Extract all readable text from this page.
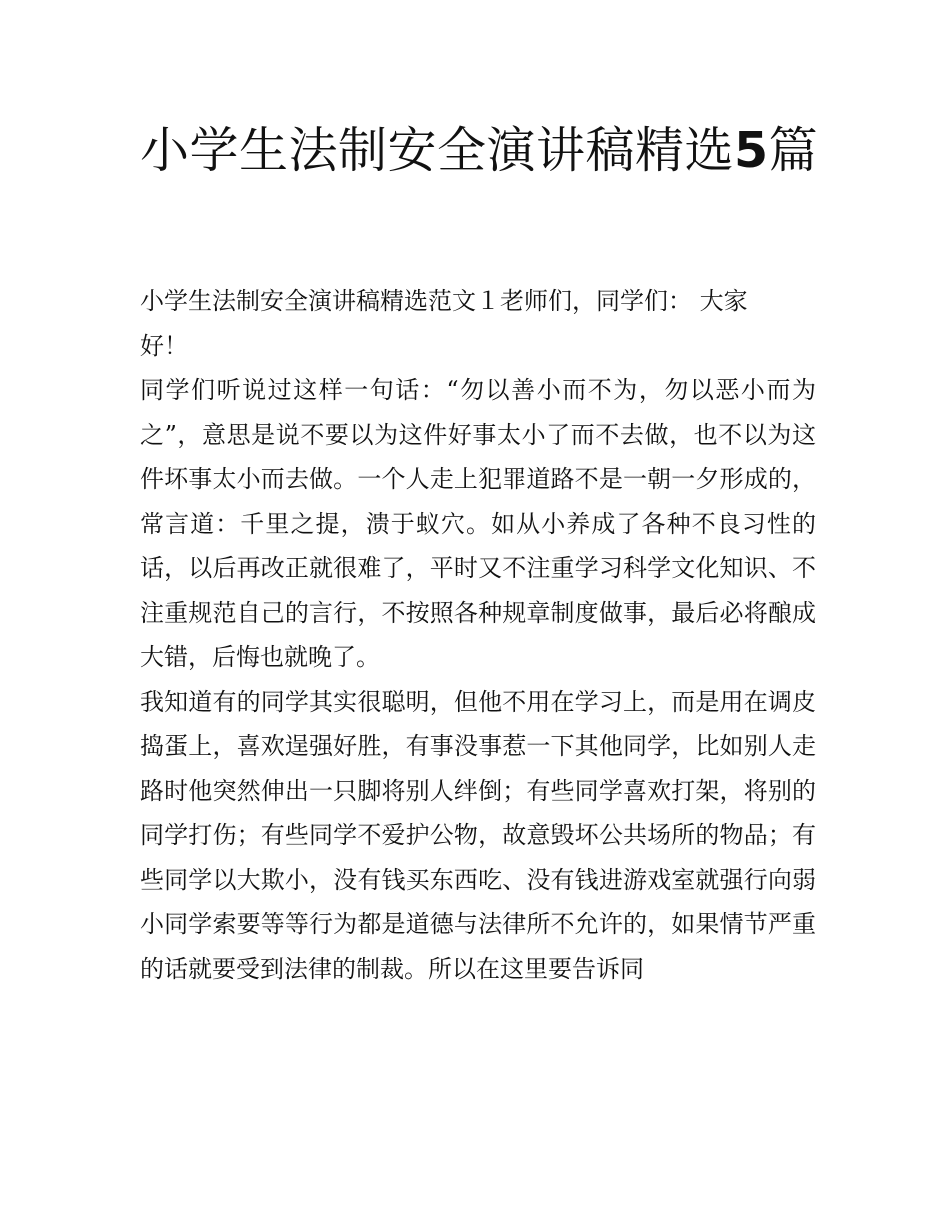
小学生法制安全演讲稿精选5篇

小学生法制安全演讲稿精选范文１老师们，同学们： 大家好！

同学们听说过这样一句话：“勿以善小而不为，勿以恶小而为之”，意思是说不要以为这件好事太小了而不去做，也不以为这件坏事太小而去做。一个人走上犯罪道路不是一朝一夕形成的，常言道：千里之提，溃于蚁穴。如从小养成了各种不良习性的话，以后再改正就很难了，平时又不注重学习科学文化知识、不注重规范自己的言行，不按照各种规章制度做事，最后必将酿成大错，后悔也就晚了。

我知道有的同学其实很聪明，但他不用在学习上，而是用在调皮捣蛋上，喜欢逞强好胜，有事没事惹一下其他同学，比如别人走路时他突然伸出一只脚将别人绊倒；有些同学喜欢打架，将别的同学打伤；有些同学不爱护公物，故意毁坏公共场所的物品；有些同学以大欺小，没有钱买东西吃、没有钱进游戏室就强行向弱小同学索要等等行为都是道德与法律所不允许的，如果情节严重的话就要受到法律的制裁。所以在这里要告诉同
